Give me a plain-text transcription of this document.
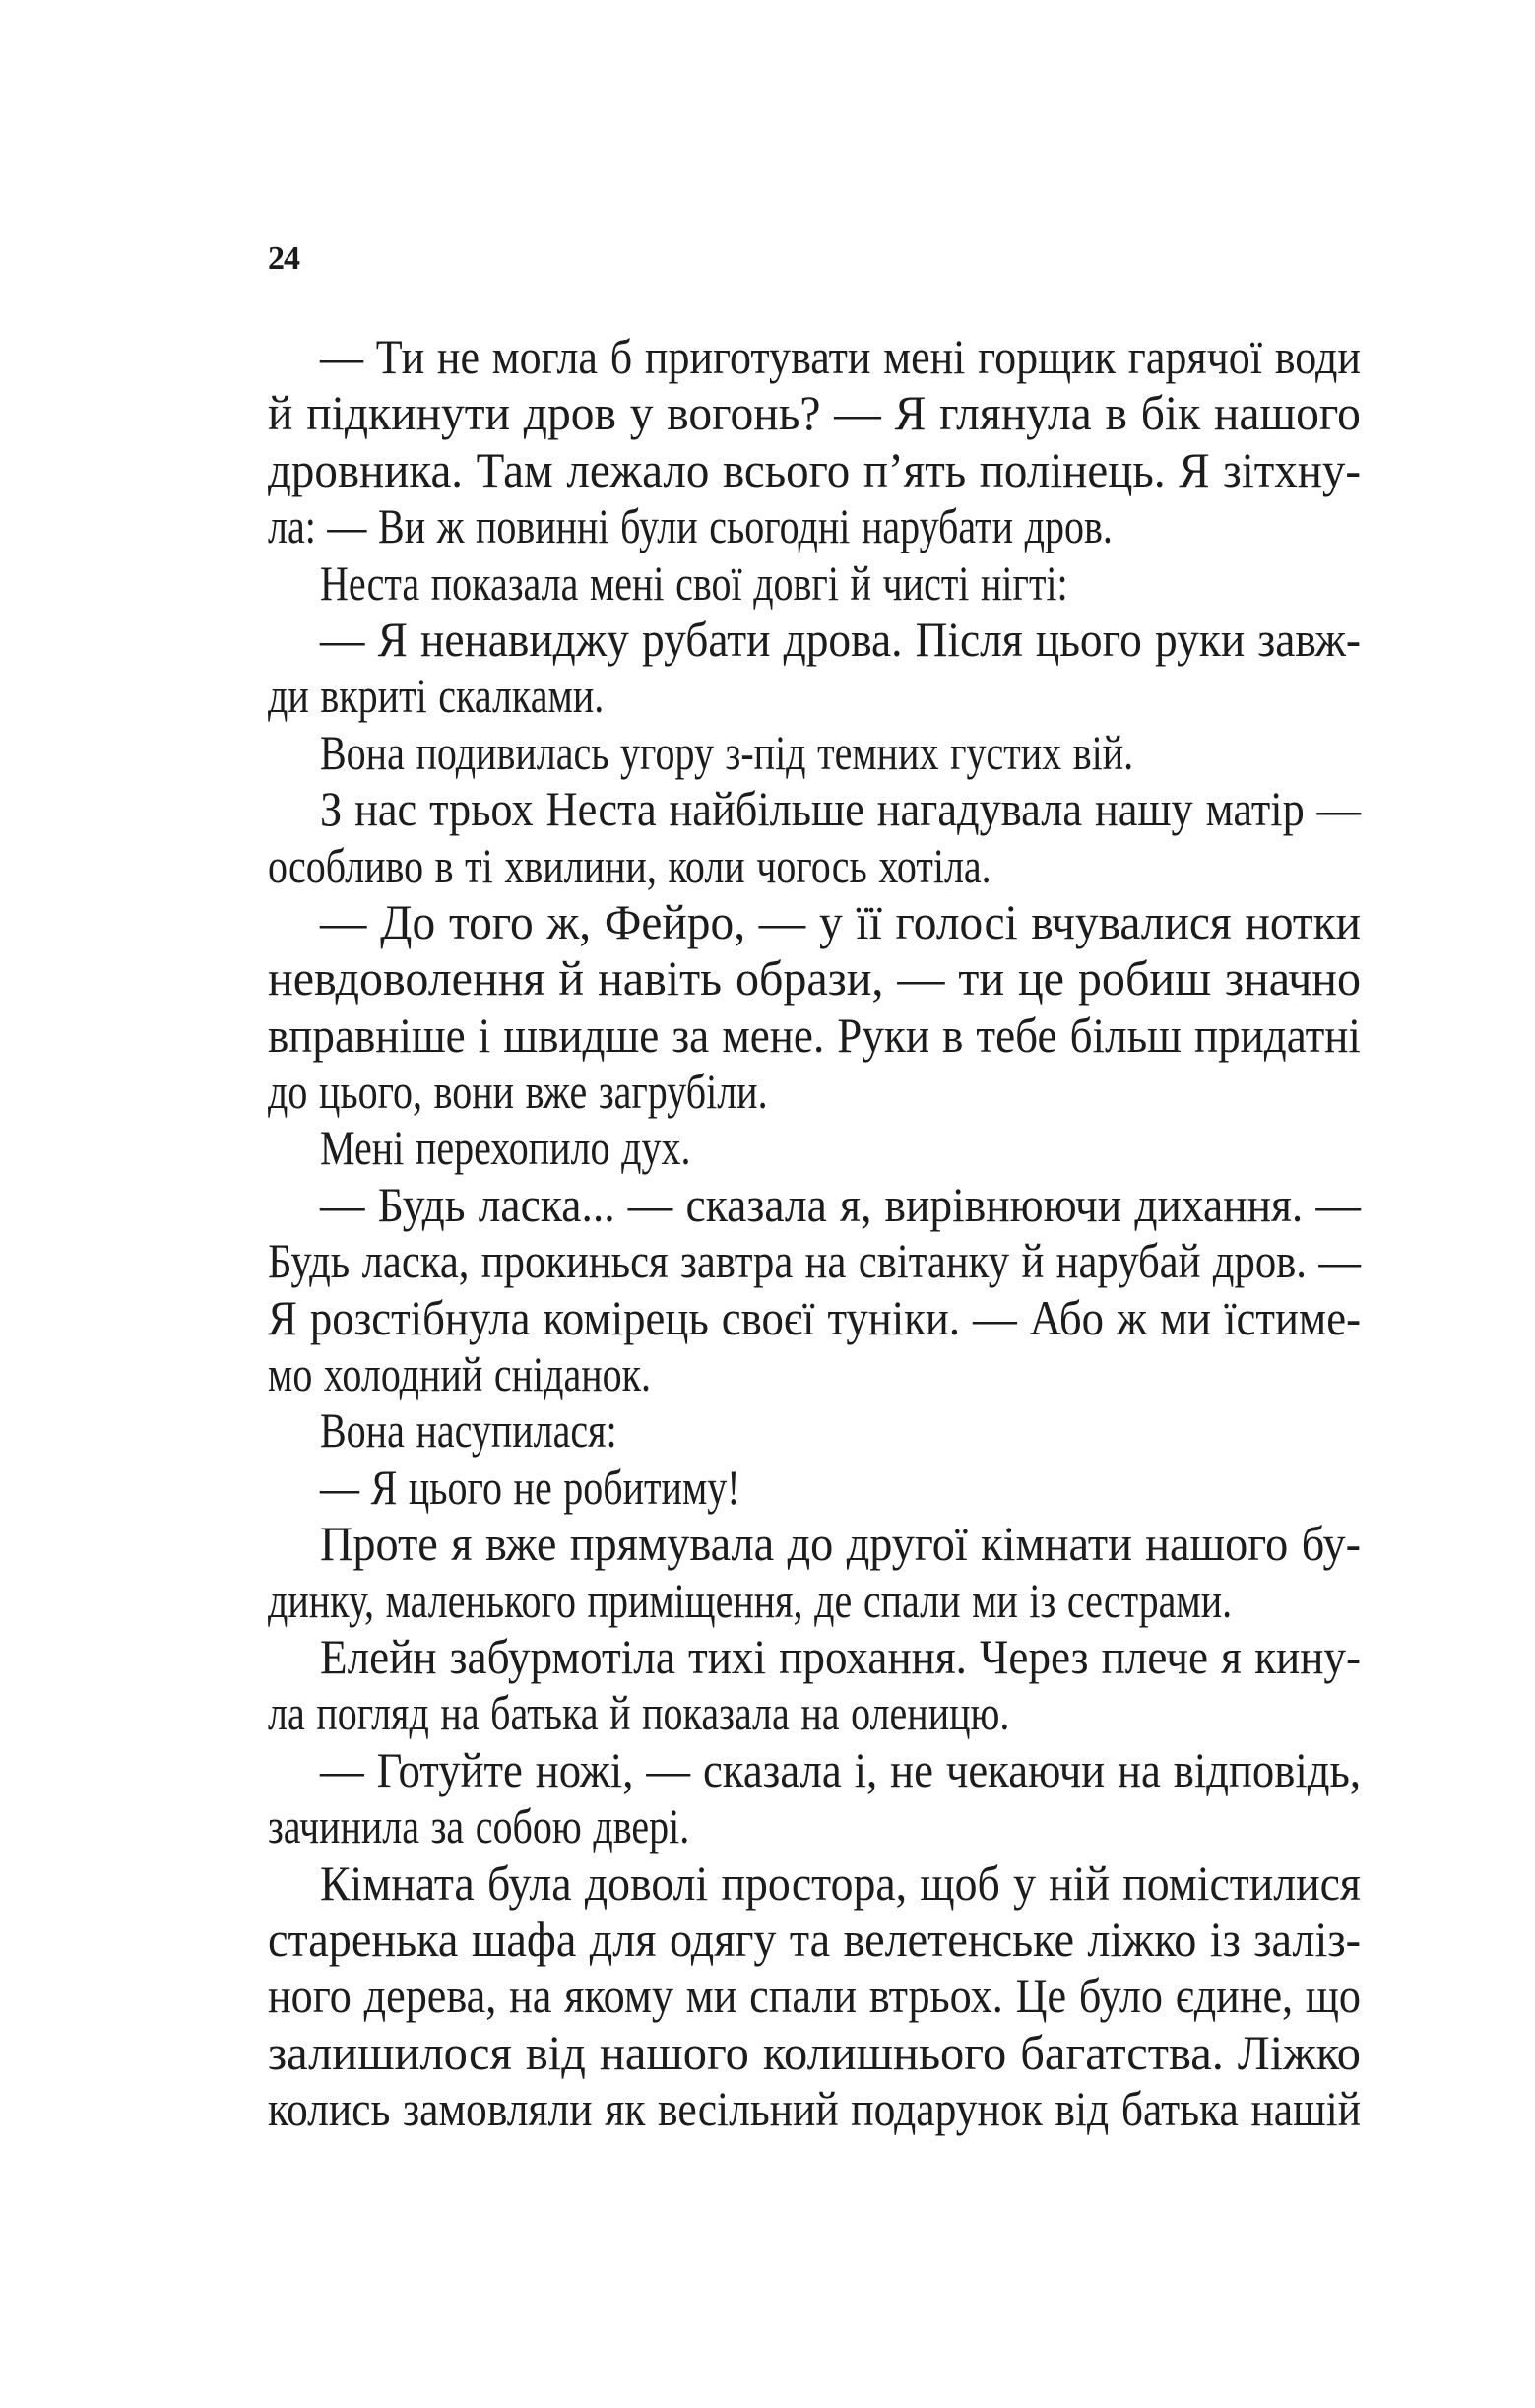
24
— Ти не могла б приготувати мені горщик гарячої води
й підкинути дров у вогонь? — Я глянула в бік нашого
дровника. Там лежало всього п’ять полінець. Я зітхну-
ла: — Ви ж повинні були сьогодні нарубати дров.
Неста показала мені свої довгі й чисті нігті:
— Я ненавиджу рубати дрова. Після цього руки завж-
ди вкриті скалками.
Вона подивилась угору з-під темних густих вій.
З нас трьох Неста найбільше нагадувала нашу матір —
особливо в ті хвилини, коли чогось хотіла.
— До того ж, Фейро, — у її голосі вчувалися нотки
невдоволення й навіть образи, — ти це робиш значно
вправніше і швидше за мене. Руки в тебе більш придатні
до цього, вони вже загрубіли.
Мені перехопило дух.
— Будь ласка... — сказала я, вирівнюючи дихання. —
Будь ласка, прокинься завтра на світанку й нарубай дров. —
Я розстібнула комірець своєї туніки. — Або ж ми їстиме-
мо холодний сніданок.
Вона насупилася:
— Я цього не робитиму!
Проте я вже прямувала до другої кімнати нашого бу-
динку, маленького приміщення, де спали ми із сестрами.
Елейн забурмотіла тихі прохання. Через плече я кину-
ла погляд на батька й показала на оленицю.
— Готуйте ножі, — сказала і, не чекаючи на відповідь,
зачинила за собою двері.
Кімната була доволі простора, щоб у ній помістилися
старенька шафа для одягу та велетенське ліжко із заліз-
ного дерева, на якому ми спали втрьох. Це було єдине, що
залишилося від нашого колишнього багатства. Ліжко
колись замовляли як весільний подарунок від батька нашій
